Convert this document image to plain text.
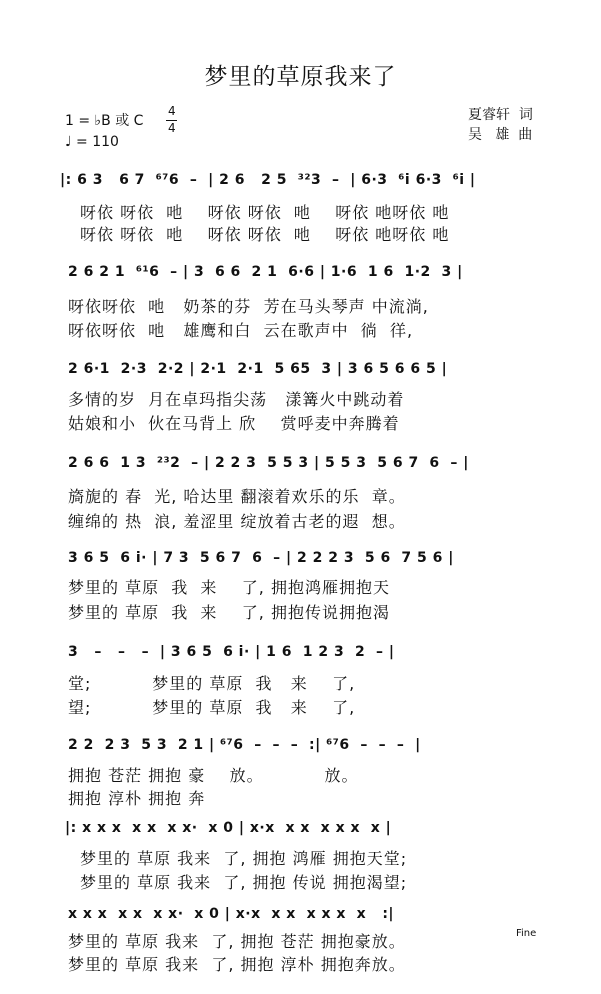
梦里的草原我来了
1 = ♭B 或 C
4
4
♩ = 110
夏睿轩  词
吴   雄  曲
|: 6 3   6 7  ⁶⁷6  –  | 2 6   2 5  ³²3  –  | 6·3  ⁶i 6·3  ⁶i |
呀依 呀依  吔    呀依 呀依  吔    呀依 吔呀依 吔
呀依 呀依  吔    呀依 呀依  吔    呀依 吔呀依 吔
2 6 2 1  ⁶¹6  – | 3  6 6  2 1  6·6 | 1·6  1 6  1·2  3 |
呀依呀依  吔   奶茶的芬  芳在马头琴声 中流淌,
呀依呀依  吔   雄鹰和白  云在歌声中  徜  徉,
2 6·1  2·3  2·2 | 2·1  2·1  5 65  3 | 3 6 5 6 6 5 |
多情的岁  月在卓玛指尖荡   漾篝火中跳动着
姑娘和小  伙在马背上 欣    赏呼麦中奔腾着
2 6 6  1 3  ²³2  – | 2 2 3  5 5 3 | 5 5 3  5 6 7  6  – |
旖旎的 春  光, 哈达里 翻滚着欢乐的乐  章。
缠绵的 热  浪, 羞涩里 绽放着古老的遐  想。
3 6 5  6 i· | 7 3  5 6 7  6  – | 2 2 2 3  5 6  7 5 6 |
梦里的 草原  我  来    了, 拥抱鸿雁拥抱天
梦里的 草原  我  来    了, 拥抱传说拥抱渴
3   –   –   –  | 3 6 5  6 i· | 1 6  1 2 3  2  – |
堂;          梦里的 草原  我   来    了,
望;          梦里的 草原  我   来    了,
2 2  2 3  5 3  2 1 | ⁶⁷6  –  –  –  :| ⁶⁷6  –  –  –  |
拥抱 苍茫 拥抱 豪    放。          放。
拥抱 淳朴 拥抱 奔
|: x x x  x x  x x·  x 0 | x·x  x x  x x x  x |
梦里的 草原 我来  了, 拥抱 鸿雁 拥抱天堂;
梦里的 草原 我来  了, 拥抱 传说 拥抱渴望;
x x x  x x  x x·  x 0 | x·x  x x  x x x  x   :|
梦里的 草原 我来  了, 拥抱 苍茫 拥抱豪放。
梦里的 草原 我来  了, 拥抱 淳朴 拥抱奔放。
Fine
